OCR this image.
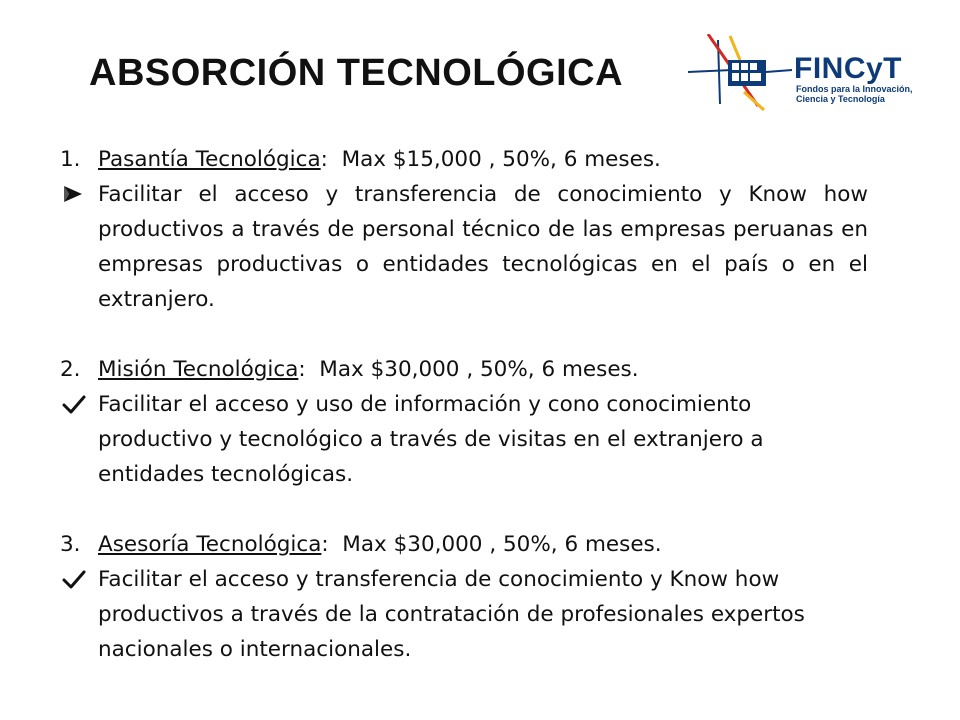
ABSORCIÓN TECNOLÓGICA	FINCyT
Fondos para la Innovación, Ciencia y Tecnología
1. Pasantía Tecnológica: Max $15,000 , 50%, 6 meses.
Facilitar el acceso y transferencia de conocimiento y Know how productivos a través de personal técnico de las empresas peruanas en empresas productivas o entidades tecnológicas en el país o en el extranjero.
2. Misión Tecnológica: Max $30,000 , 50%, 6 meses.
Facilitar el acceso y uso de información y cono conocimiento productivo y tecnológico a través de visitas en el extranjero a entidades tecnológicas.
3. Asesoría Tecnológica: Max $30,000 , 50%, 6 meses.
Facilitar el acceso y transferencia de conocimiento y Know how productivos a través de la contratación de profesionales expertos nacionales o internacionales.
